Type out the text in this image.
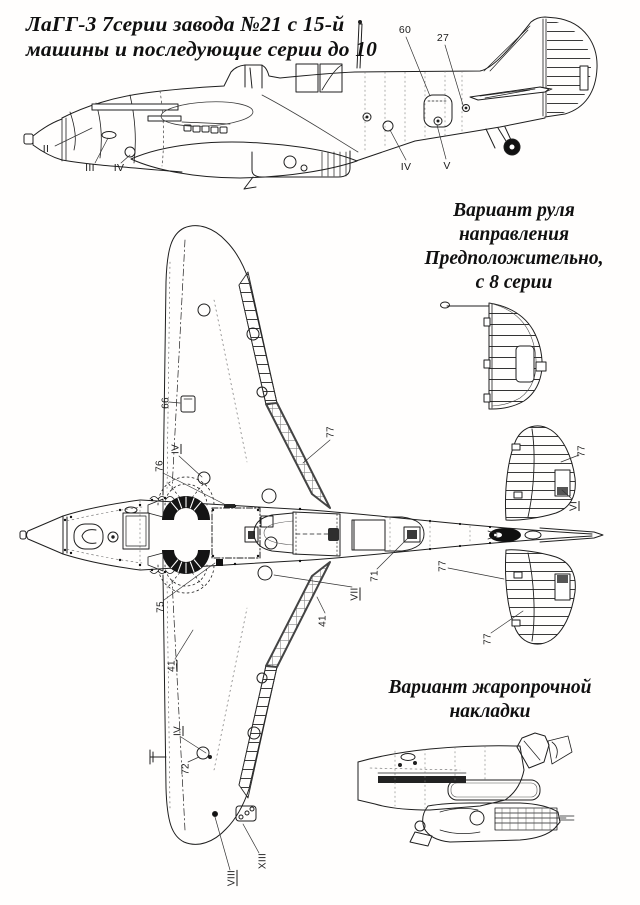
ЛаГГ-3 7серии завода №21 с 15-й
машины и последующие серии до 10
Вариант руля
направления
Предположительно,
с 8 серии
Вариант жаропрочной
накладки
II
III IV
60
27
IV	V
66
IV
76
75
41
IV
72
VIII
XIII
77
41
VII
71
77
77
VI
77
